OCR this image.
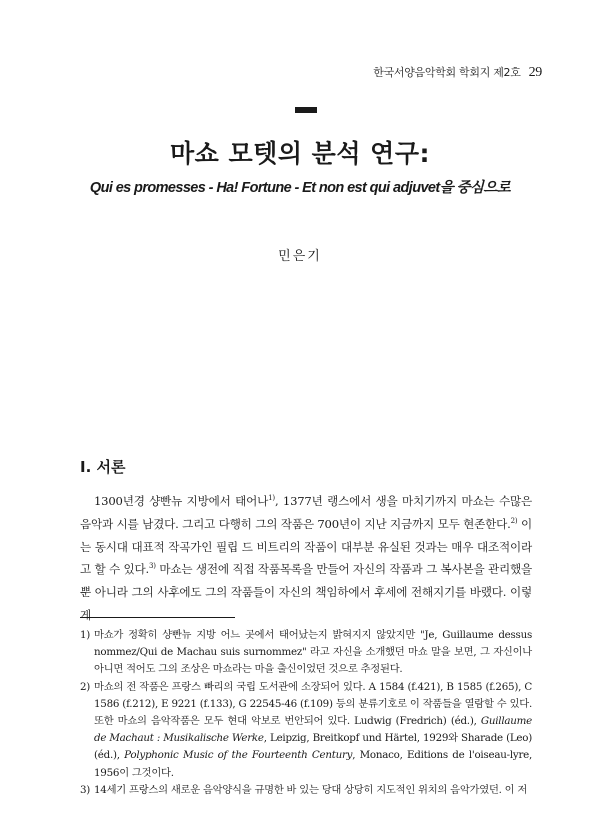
한국서양음악학회 학회지 제2호 29
마쇼 모텟의 분석 연구:
Qui es promesses - Ha! Fortune - Et non est qui adjuvet을 중심으로
민은기
I. 서론

1300년경 샹빤뉴 지방에서 태어나$^{1)}$, 1377년 랭스에서 생을 마치기까지 마쇼는 수많은 음악과 시를 남겼다. 그리고 다행히 그의 작품은 700년이 지난 지금까지 모두 현존한다.$^{2)}$ 이는 동시대 대표적 작곡가인 필립 드 비트리의 작품이 대부분 유실된 것과는 매우 대조적이라고 할 수 있다.$^{3)}$ 마쇼는 생전에 직접 작품목록을 만들어 자신의 작품과 그 복사본을 관리했을 뿐 아니라 그의 사후에도 그의 작품들이 자신의 책임하에서 후세에 전해지기를 바랬다. 이렇게

1) 마쇼가 정확히 샹빤뉴 지방 어느 곳에서 태어났는지 밝혀지지 않았지만 "Je, Guillaume dessus nommez/Qui de Machau suis surnommez" 라고 자신을 소개했던 마쇼 말을 보면, 그 자신이나 아니면 적어도 그의 조상은 마쇼라는 마을 출신이었던 것으로 추정된다.
2) 마쇼의 전 작품은 프랑스 빠리의 국립 도서관에 소장되어 있다. A 1584 (f.421), B 1585 (f.265), C 1586 (f.212), E 9221 (f.133), G 22545-46 (f.109) 등의 분류기호로 이 작품들을 열람할 수 있다. 또한 마쇼의 음악작품은 모두 현대 악보로 번안되어 있다. Ludwig (Fredrich) (éd.), Guillaume de Machaut : Musikalische Werke, Leipzig, Breitkopf und Härtel, 1929와 Sharade (Leo) (éd.), Polyphonic Music of the Fourteenth Century, Monaco, Editions de l'oiseau-lyre, 1956이 그것이다.
3) 14세기 프랑스의 새로운 음악양식을 규명한 바 있는 당대 상당히 지도적인 위치의 음악가였던. 이 저
